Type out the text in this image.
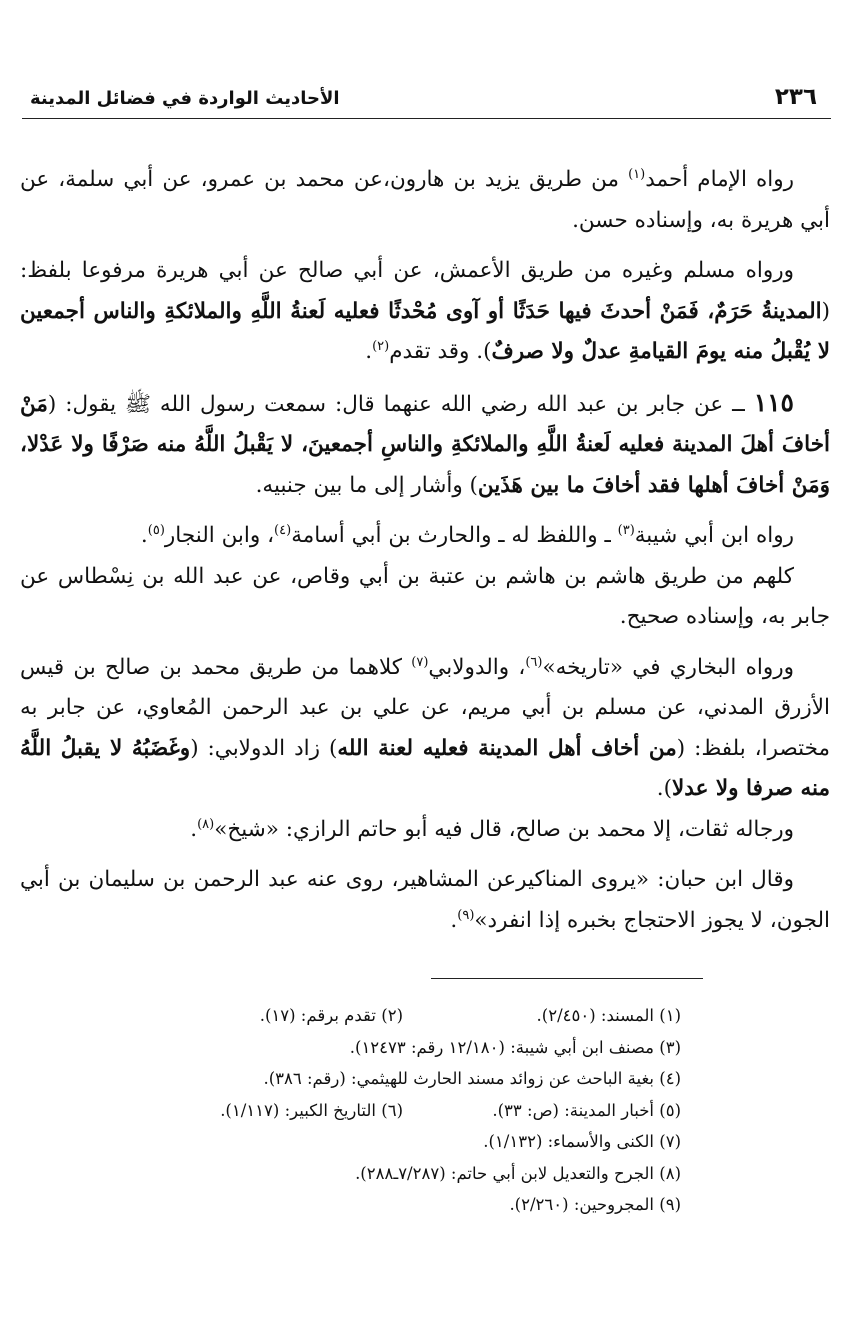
٢٣٦
الأحاديث الواردة في فضائل المدينة

رواه الإمام أحمد$^{(١)}$ من طريق يزيد بن هارون،عن محمد بن عمرو، عن أبي سلمة، عن أبي هريرة به، وإسناده حسن.

ورواه مسلم وغيره من طريق الأعمش، عن أبي صالح عن أبي هريرة مرفوعا بلفظ: (المدينةُ حَرَمٌ، فَمَنْ أحدثَ فيها حَدَثًا أو آوى مُحْدثًا فعليه لَعنةُ اللَّهِ والملائكةِ والناس أجمعين لا يُقْبلُ منه يومَ القيامةِ عدلٌ ولا صرفٌ). وقد تقدم$^{(٢)}$.

١١٥ ــ عن جابر بن عبد الله رضي الله عنهما قال: سمعت رسول الله ﷺ يقول: (مَنْ أخافَ أهلَ المدينة فعليه لَعنةُ اللَّهِ والملائكةِ والناسِ أجمعينَ، لا يَقْبلُ اللَّهُ منه صَرْفًا ولا عَدْلا، وَمَنْ أخافَ أهلها فقد أخافَ ما بين هَذَين) وأشار إلى ما بين جنبيه.

رواه ابن أبي شيبة$^{(٣)}$ ـ واللفظ له ـ والحارث بن أبي أسامة$^{(٤)}$، وابن النجار$^{(٥)}$.

كلهم من طريق هاشم بن هاشم بن عتبة بن أبي وقاص، عن عبد الله بن نِسْطاس عن جابر به، وإسناده صحيح.

ورواه البخاري في «تاريخه»$^{(٦)}$، والدولابي$^{(٧)}$ كلاهما من طريق محمد بن صالح بن قيس الأزرق المدني، عن مسلم بن أبي مريم، عن علي بن عبد الرحمن المُعاوي، عن جابر به مختصرا، بلفظ: (من أخاف أهل المدينة فعليه لعنة الله) زاد الدولابي: (وغَضَبُهُ لا يقبلُ اللَّهُ منه صرفا ولا عدلا).

ورجاله ثقات، إلا محمد بن صالح، قال فيه أبو حاتم الرازي: «شيخ»$^{(٨)}$.

وقال ابن حبان: «يروى المناكيرعن المشاهير، روى عنه عبد الرحمن بن سليمان بن أبي الجون، لا يجوز الاحتجاج بخبره إذا انفرد»$^{(٩)}$.

(١) المسند: (٢/٤٥٠).
(٢) تقدم برقم: (١٧).
(٣) مصنف ابن أبي شيبة: (١٢/١٨٠ رقم: ١٢٤٧٣).
(٤) بغية الباحث عن زوائد مسند الحارث للهيثمي: (رقم: ٣٨٦).
(٥) أخبار المدينة: (ص: ٣٣).
(٦) التاريخ الكبير: (١/١١٧).
(٧) الكنى والأسماء: (١/١٣٢).
(٨) الجرح والتعديل لابن أبي حاتم: (٧/٢٨٧ـ٢٨٨).
(٩) المجروحين: (٢/٢٦٠).
